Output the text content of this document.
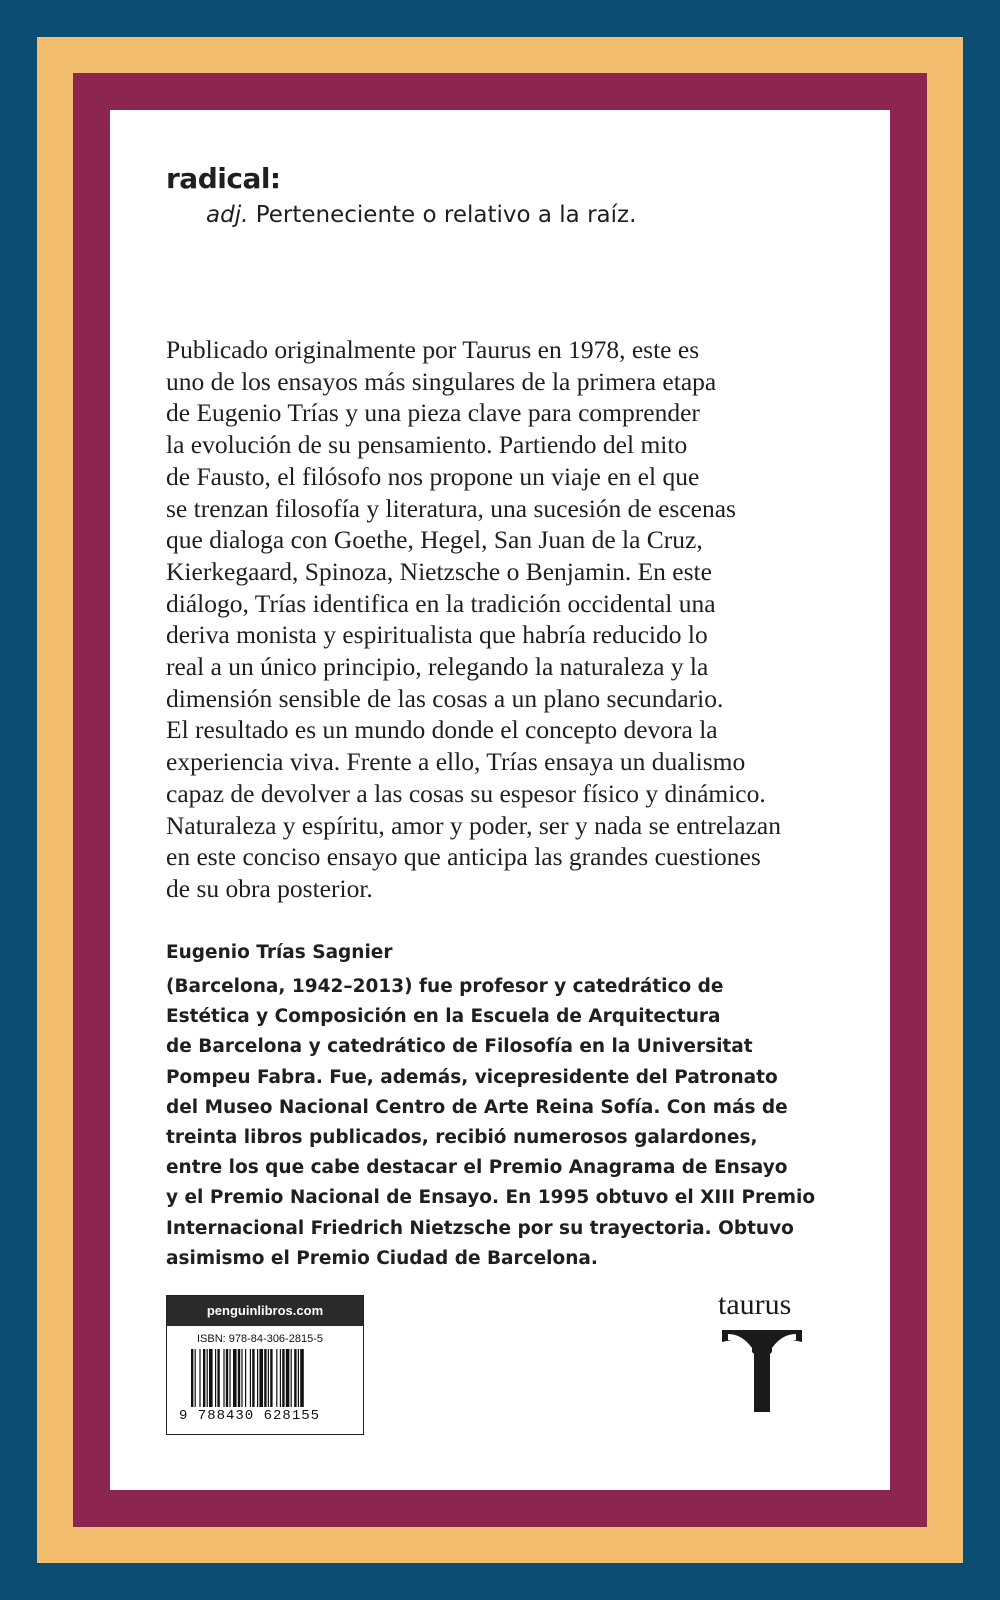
radical:
adj. Perteneciente o relativo a la raíz.
Publicado originalmente por Taurus en 1978, este es
uno de los ensayos más singulares de la primera etapa
de Eugenio Trías y una pieza clave para comprender
la evolución de su pensamiento. Partiendo del mito
de Fausto, el filósofo nos propone un viaje en el que
se trenzan filosofía y literatura, una sucesión de escenas
que dialoga con Goethe, Hegel, San Juan de la Cruz,
Kierkegaard, Spinoza, Nietzsche o Benjamin. En este
diálogo, Trías identifica en la tradición occidental una
deriva monista y espiritualista que habría reducido lo
real a un único principio, relegando la naturaleza y la
dimensión sensible de las cosas a un plano secundario.
El resultado es un mundo donde el concepto devora la
experiencia viva. Frente a ello, Trías ensaya un dualismo
capaz de devolver a las cosas su espesor físico y dinámico.
Naturaleza y espíritu, amor y poder, ser y nada se entrelazan
en este conciso ensayo que anticipa las grandes cuestiones
de su obra posterior.
Eugenio Trías Sagnier
(Barcelona, 1942–2013) fue profesor y catedrático de
Estética y Composición en la Escuela de Arquitectura
de Barcelona y catedrático de Filosofía en la Universitat
Pompeu Fabra. Fue, además, vicepresidente del Patronato
del Museo Nacional Centro de Arte Reina Sofía. Con más de
treinta libros publicados, recibió numerosos galardones,
entre los que cabe destacar el Premio Anagrama de Ensayo
y el Premio Nacional de Ensayo. En 1995 obtuvo el XIII Premio
Internacional Friedrich Nietzsche por su trayectoria. Obtuvo
asimismo el Premio Ciudad de Barcelona.
penguinlibros.com
ISBN: 978-84-306-2815-5
9 788430 628155
taurus
